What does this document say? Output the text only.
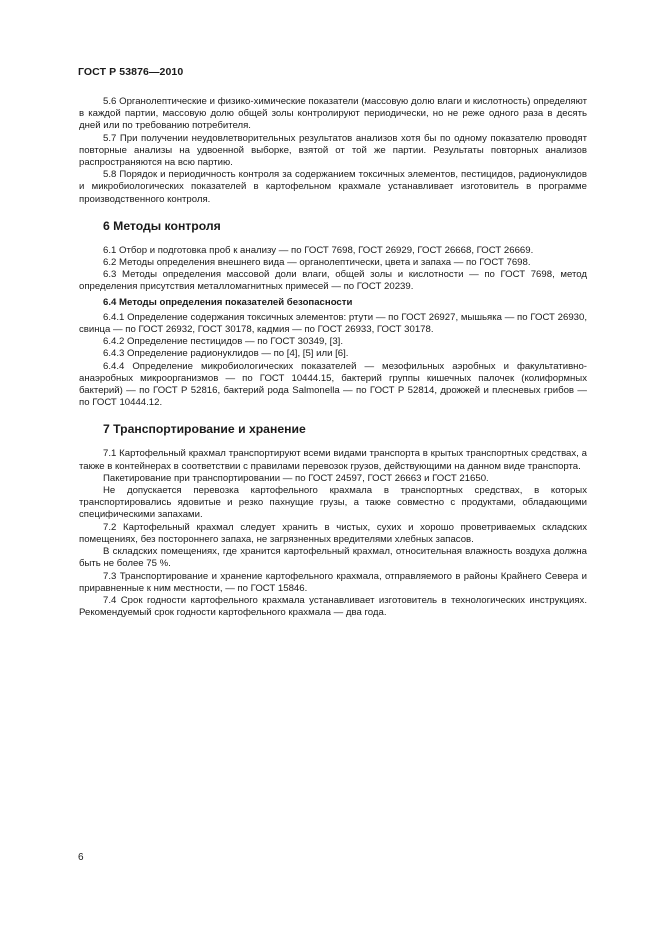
ГОСТ Р 53876—2010

5.6 Органолептические и физико-химические показатели (массовую долю влаги и кислотность) определяют в каждой партии, массовую долю общей золы контролируют периодически, но не реже одного раза в десять дней или по требованию потребителя.

5.7 При получении неудовлетворительных результатов анализов хотя бы по одному показателю проводят повторные анализы на удвоенной выборке, взятой от той же партии. Результаты повторных анализов распространяются на всю партию.

5.8 Порядок и периодичность контроля за содержанием токсичных элементов, пестицидов, радионуклидов и микробиологических показателей в картофельном крахмале устанавливает изготовитель в программе производственного контроля.

6 Методы контроля

6.1 Отбор и подготовка проб к анализу — по ГОСТ 7698, ГОСТ 26929, ГОСТ 26668, ГОСТ 26669.

6.2 Методы определения внешнего вида — органолептически, цвета и запаха — по ГОСТ 7698.

6.3 Методы определения массовой доли влаги, общей золы и кислотности — по ГОСТ 7698, метод определения присутствия металломагнитных примесей — по ГОСТ 20239.

6.4 Методы определения показателей безопасности

6.4.1 Определение содержания токсичных элементов: ртути — по ГОСТ 26927, мышьяка — по ГОСТ 26930, свинца — по ГОСТ 26932, ГОСТ 30178, кадмия — по ГОСТ 26933, ГОСТ 30178.

6.4.2 Определение пестицидов — по ГОСТ 30349, [3].

6.4.3 Определение радионуклидов — по [4], [5] или [6].

6.4.4 Определение микробиологических показателей — мезофильных аэробных и факультативно-анаэробных микроорганизмов — по ГОСТ 10444.15, бактерий группы кишечных палочек (колиформных бактерий) — по ГОСТ Р 52816, бактерий рода Salmonella — по ГОСТ Р 52814, дрожжей и плесневых грибов — по ГОСТ 10444.12.

7 Транспортирование и хранение

7.1 Картофельный крахмал транспортируют всеми видами транспорта в крытых транспортных средствах, а также в контейнерах в соответствии с правилами перевозок грузов, действующими на данном виде транспорта.

Пакетирование при транспортировании — по ГОСТ 24597, ГОСТ 26663 и ГОСТ 21650.

Не допускается перевозка картофельного крахмала в транспортных средствах, в которых транспортировались ядовитые и резко пахнущие грузы, а также совместно с продуктами, обладающими специфическими запахами.

7.2 Картофельный крахмал следует хранить в чистых, сухих и хорошо проветриваемых складских помещениях, без постороннего запаха, не загрязненных вредителями хлебных запасов.

В складских помещениях, где хранится картофельный крахмал, относительная влажность воздуха должна быть не более 75 %.

7.3 Транспортирование и хранение картофельного крахмала, отправляемого в районы Крайнего Севера и приравненные к ним местности, — по ГОСТ 15846.

7.4 Срок годности картофельного крахмала устанавливает изготовитель в технологических инструкциях. Рекомендуемый срок годности картофельного крахмала — два года.

6
